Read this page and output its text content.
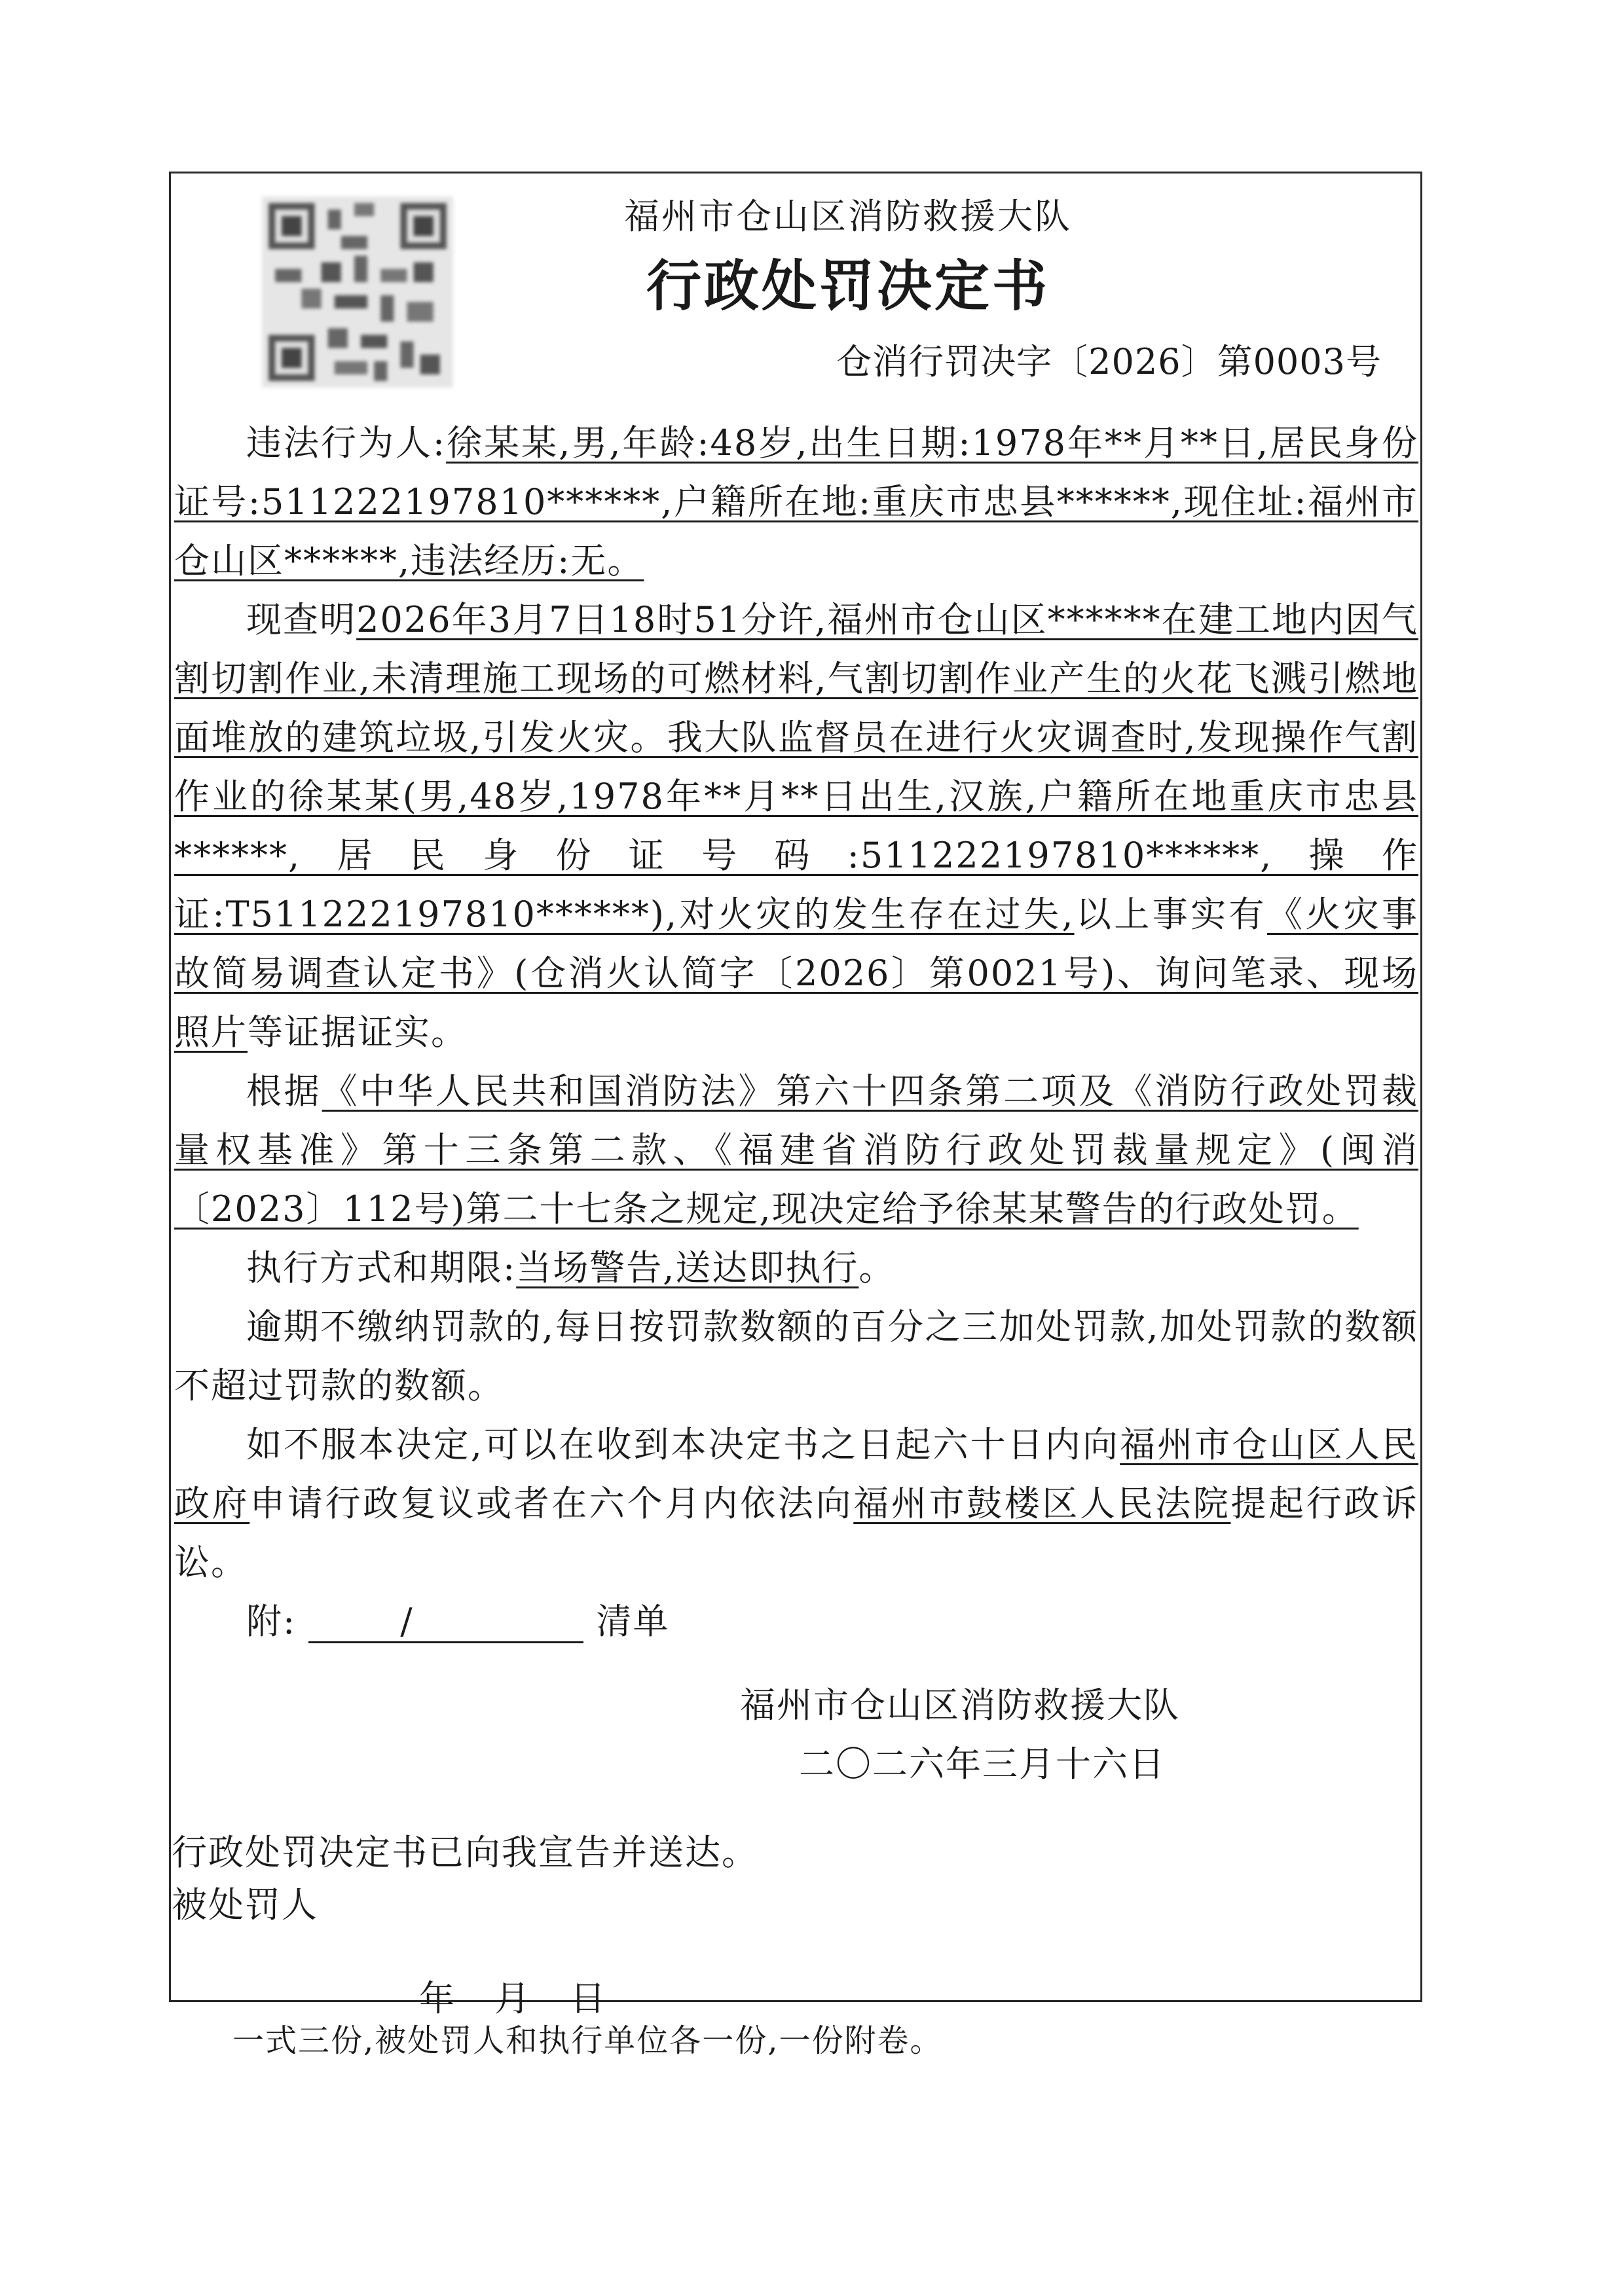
福州市仓山区消防救援大队
行政处罚决定书
仓消行罚决字〔2026〕第0003号

违法行为人:徐某某,男,年龄:48岁,出生日期:1978年**月**日,居民身份证号:511222197810******,户籍所在地:重庆市忠县******,现住址:福州市仓山区******,违法经历:无。

现查明2026年3月7日18时51分许,福州市仓山区******在建工地内因气割切割作业,未清理施工现场的可燃材料,气割切割作业产生的火花飞溅引燃地面堆放的建筑垃圾,引发火灾。我大队监督员在进行火灾调查时,发现操作气割作业的徐某某(男,48岁,1978年**月**日出生,汉族,户籍所在地重庆市忠县******,居民身份证号码:511222197810******,操作证:T511222197810******),对火灾的发生存在过失,以上事实有《火灾事故简易调查认定书》(仓消火认简字〔2026〕第0021号)、询问笔录、现场照片等证据证实。

根据《中华人民共和国消防法》第六十四条第二项及《消防行政处罚裁量权基准》第十三条第二款、《福建省消防行政处罚裁量规定》(闽消〔2023〕112号)第二十七条之规定,现决定给予徐某某警告的行政处罚。

执行方式和期限:当场警告,送达即执行。

逾期不缴纳罚款的,每日按罚款数额的百分之三加处罚款,加处罚款的数额不超过罚款的数额。

如不服本决定,可以在收到本决定书之日起六十日内向福州市仓山区人民政府申请行政复议或者在六个月内依法向福州市鼓楼区人民法院提起行政诉讼。

附:	/	清单

福州市仓山区消防救援大队
二〇二六年三月十六日
行政处罚决定书已向我宣告并送达。
被处罚人
年 月 日
一式三份,被处罚人和执行单位各一份,一份附卷。
